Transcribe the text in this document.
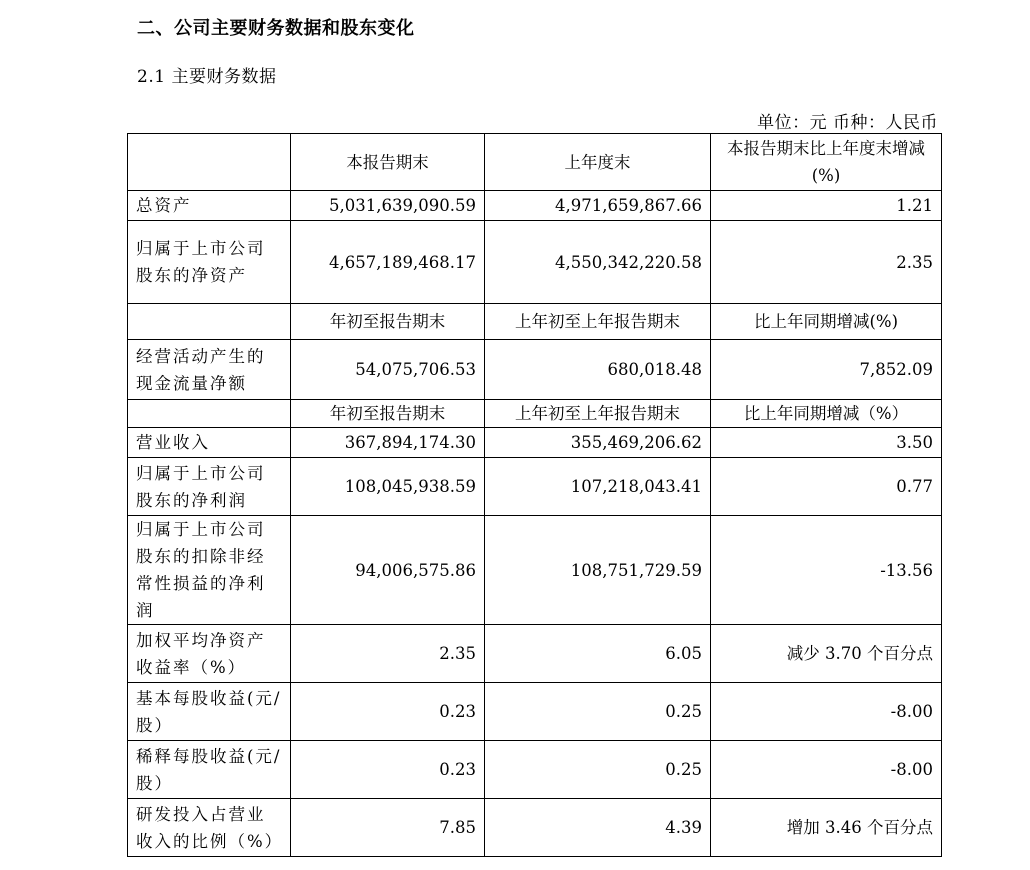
二、公司主要财务数据和股东变化
2.1 主要财务数据
单位：元 币种：人民币
	本报告期末	上年度末	本报告期末比上年度末增减(%)
总资产	5,031,639,090.59	4,971,659,867.66	1.21
归属于上市公司股东的净资产	4,657,189,468.17	4,550,342,220.58	2.35
	年初至报告期末	上年初至上年报告期末	比上年同期增减(%)
经营活动产生的现金流量净额	54,075,706.53	680,018.48	7,852.09
	年初至报告期末	上年初至上年报告期末	比上年同期增减（%）
营业收入	367,894,174.30	355,469,206.62	3.50
归属于上市公司股东的净利润	108,045,938.59	107,218,043.41	0.77
归属于上市公司股东的扣除非经常性损益的净利润	94,006,575.86	108,751,729.59	-13.56
加权平均净资产收益率（%）	2.35	6.05	减少 3.70 个百分点
基本每股收益(元/股）	0.23	0.25	-8.00
稀释每股收益(元/股）	0.23	0.25	-8.00
研发投入占营业收入的比例（%）	7.85	4.39	增加 3.46 个百分点
